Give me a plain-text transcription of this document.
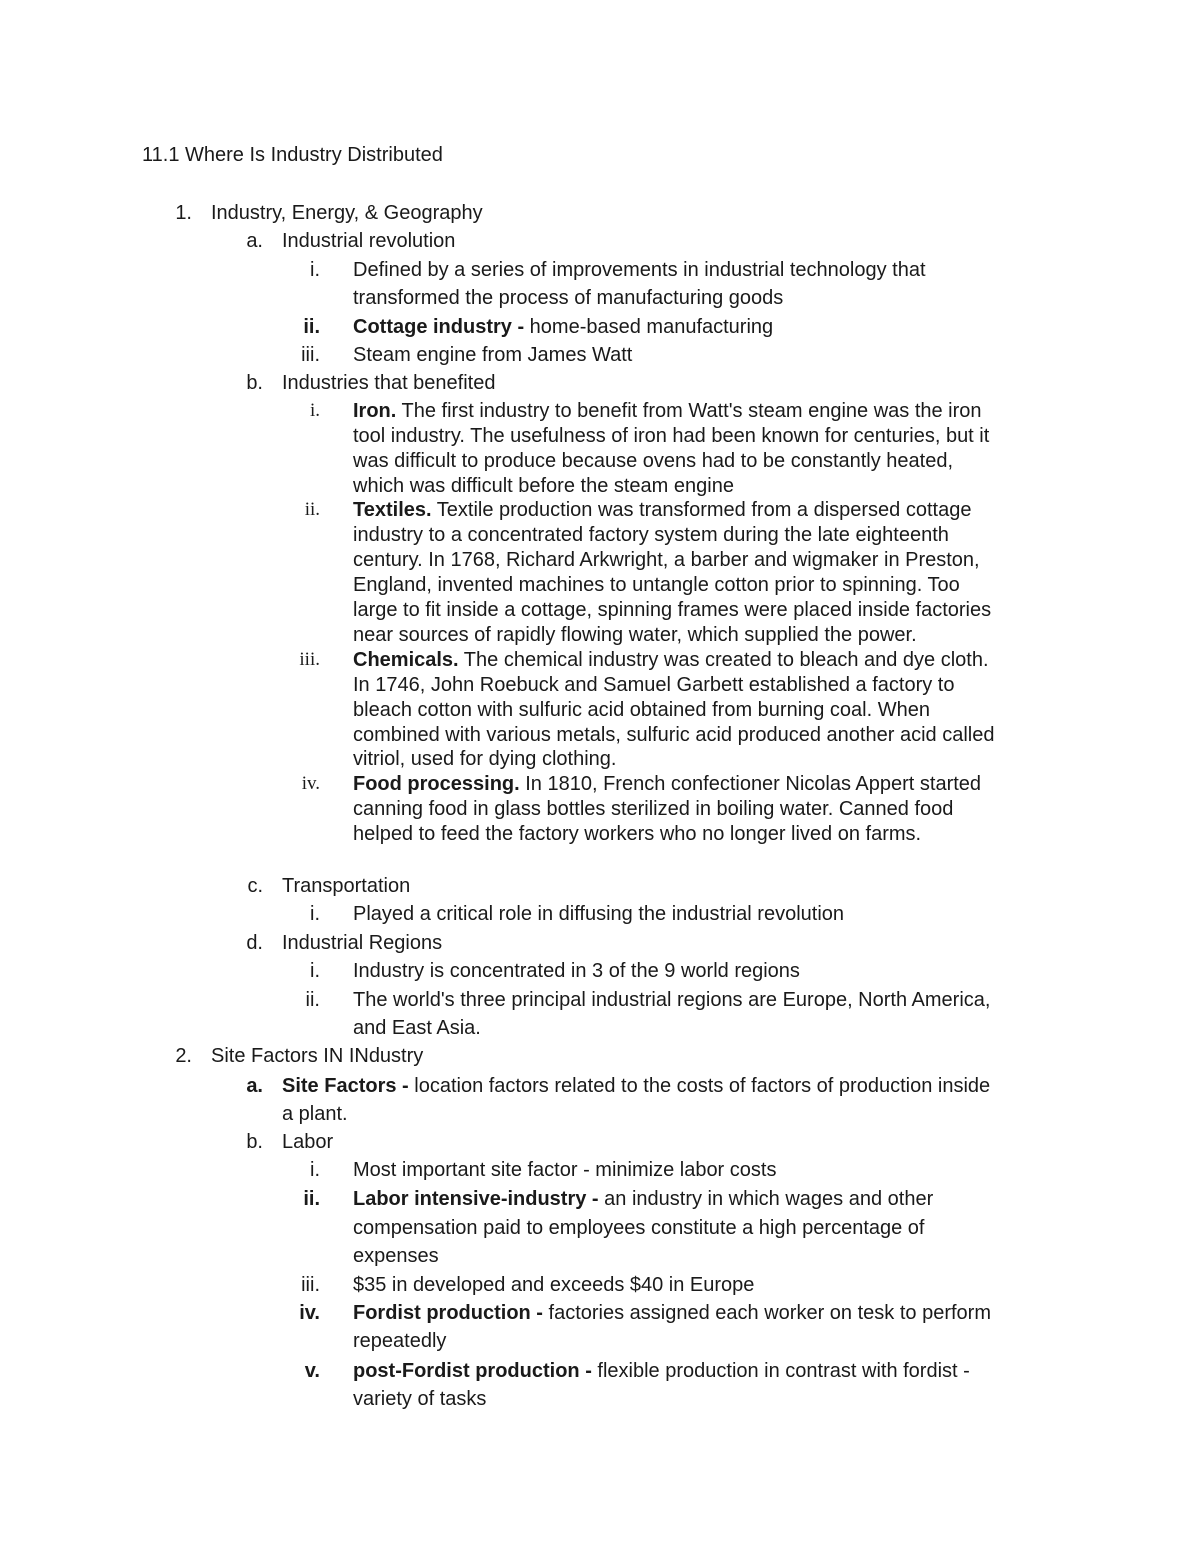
11.1 Where Is Industry Distributed
1. Industry, Energy, & Geography
a. Industrial revolution
i. Defined by a series of improvements in industrial technology that
transformed the process of manufacturing goods
ii. Cottage industry - home-based manufacturing
iii. Steam engine from James Watt
b. Industries that benefited
i. Iron. The first industry to benefit from Watt's steam engine was the iron
tool industry. The usefulness of iron had been known for centuries, but it
was difficult to produce because ovens had to be constantly heated,
which was difficult before the steam engine
ii. Textiles. Textile production was transformed from a dispersed cottage
industry to a concentrated factory system during the late eighteenth
century. In 1768, Richard Arkwright, a barber and wigmaker in Preston,
England, invented machines to untangle cotton prior to spinning. Too
large to fit inside a cottage, spinning frames were placed inside factories
near sources of rapidly flowing water, which supplied the power.
iii. Chemicals. The chemical industry was created to bleach and dye cloth.
In 1746, John Roebuck and Samuel Garbett established a factory to
bleach cotton with sulfuric acid obtained from burning coal. When
combined with various metals, sulfuric acid produced another acid called
vitriol, used for dying clothing.
iv. Food processing. In 1810, French confectioner Nicolas Appert started
canning food in glass bottles sterilized in boiling water. Canned food
helped to feed the factory workers who no longer lived on farms.
c. Transportation
i. Played a critical role in diffusing the industrial revolution
d. Industrial Regions
i. Industry is concentrated in 3 of the 9 world regions
ii. The world's three principal industrial regions are Europe, North America,
and East Asia.
2. Site Factors IN INdustry
a. Site Factors - location factors related to the costs of factors of production inside
a plant.
b. Labor
i. Most important site factor - minimize labor costs
ii. Labor intensive-industry - an industry in which wages and other
compensation paid to employees constitute a high percentage of
expenses
iii. $35 in developed and exceeds $40 in Europe
iv. Fordist production - factories assigned each worker on tesk to perform
repeatedly
v. post-Fordist production - flexible production in contrast with fordist -
variety of tasks
